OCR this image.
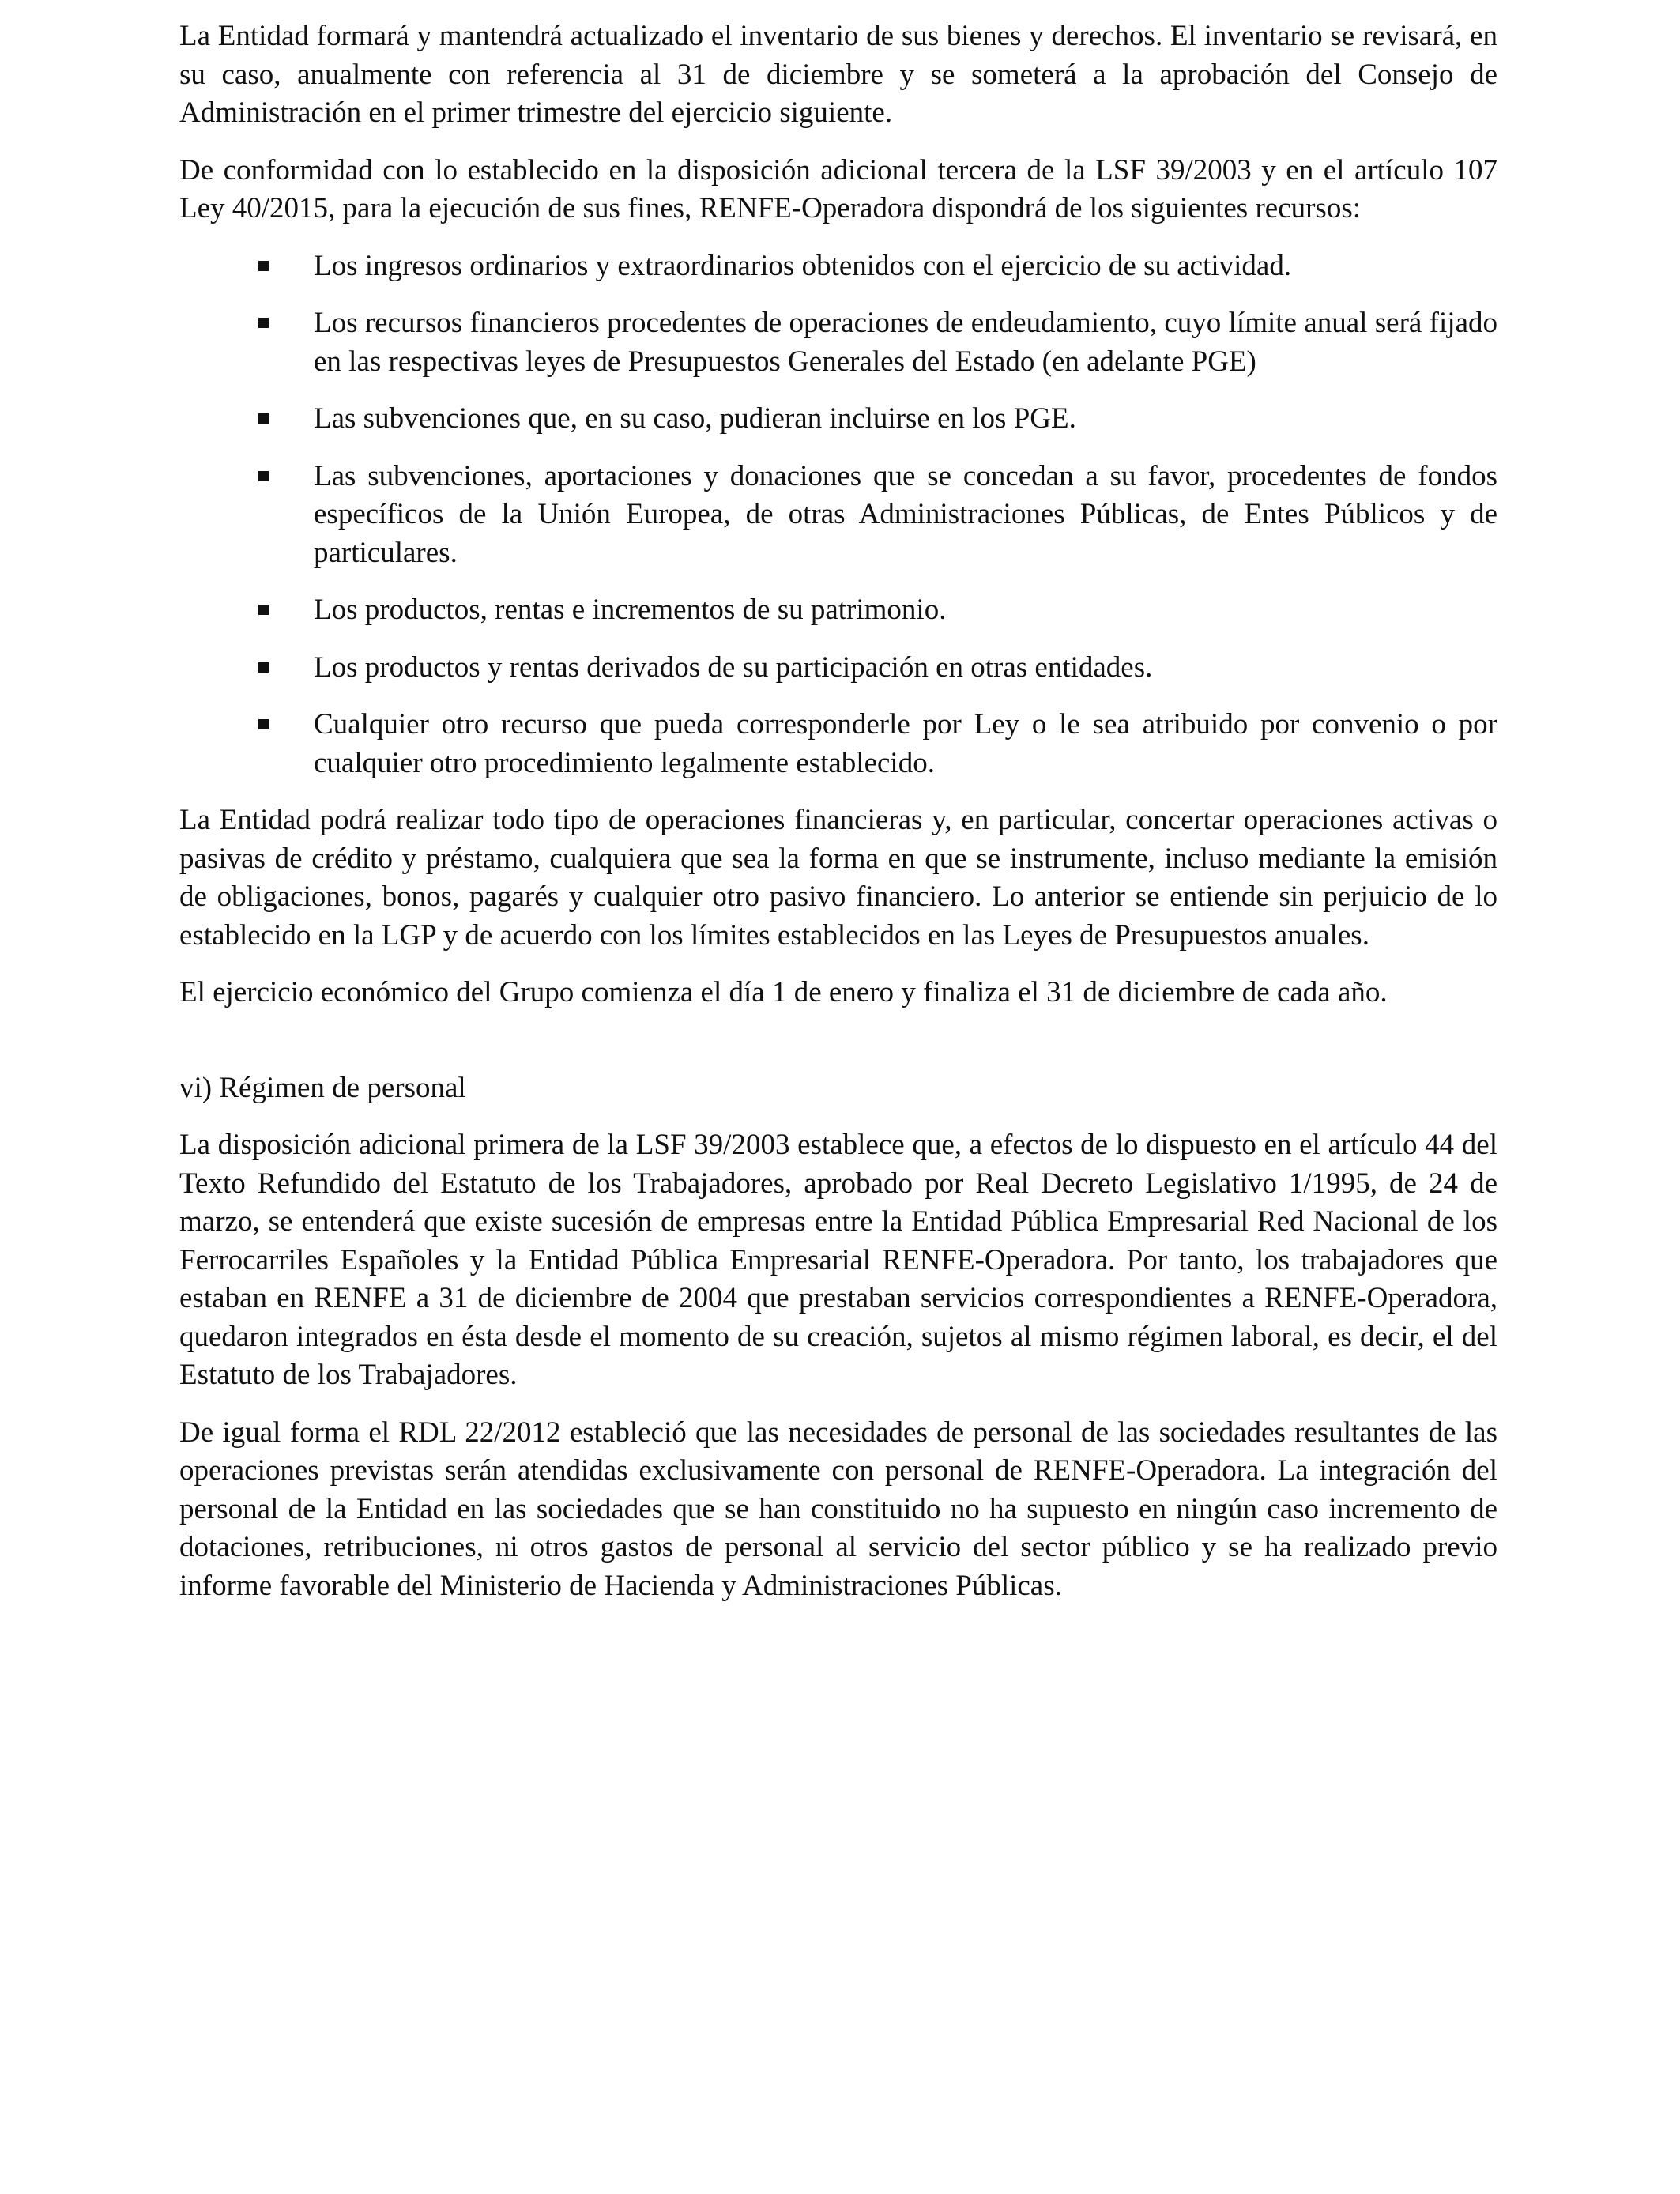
La Entidad formará y mantendrá actualizado el inventario de sus bienes y derechos. El inventario se revisará, en su caso, anualmente con referencia al 31 de diciembre y se someterá a la aprobación del Consejo de Administración en el primer trimestre del ejercicio siguiente.

De conformidad con lo establecido en la disposición adicional tercera de la LSF 39/2003 y en el artículo 107 Ley 40/2015, para la ejecución de sus fines, RENFE-Operadora dispondrá de los siguientes recursos:

Los ingresos ordinarios y extraordinarios obtenidos con el ejercicio de su actividad.
Los recursos financieros procedentes de operaciones de endeudamiento, cuyo límite anual será fijado en las respectivas leyes de Presupuestos Generales del Estado (en adelante PGE)
Las subvenciones que, en su caso, pudieran incluirse en los PGE.
Las subvenciones, aportaciones y donaciones que se concedan a su favor, procedentes de fondos específicos de la Unión Europea, de otras Administraciones Públicas, de Entes Públicos y de particulares.
Los productos, rentas e incrementos de su patrimonio.
Los productos y rentas derivados de su participación en otras entidades.
Cualquier otro recurso que pueda corresponderle por Ley o le sea atribuido por convenio o por cualquier otro procedimiento legalmente establecido.

La Entidad podrá realizar todo tipo de operaciones financieras y, en particular, concertar operaciones activas o pasivas de crédito y préstamo, cualquiera que sea la forma en que se instrumente, incluso mediante la emisión de obligaciones, bonos, pagarés y cualquier otro pasivo financiero. Lo anterior se entiende sin perjuicio de lo establecido en la LGP y de acuerdo con los límites establecidos en las Leyes de Presupuestos anuales.

El ejercicio económico del Grupo comienza el día 1 de enero y finaliza el 31 de diciembre de cada año.

vi) Régimen de personal

La disposición adicional primera de la LSF 39/2003 establece que, a efectos de lo dispuesto en el artículo 44 del Texto Refundido del Estatuto de los Trabajadores, aprobado por Real Decreto Legislativo 1/1995, de 24 de marzo, se entenderá que existe sucesión de empresas entre la Entidad Pública Empresarial Red Nacional de los Ferrocarriles Españoles y la Entidad Pública Empresarial RENFE-Operadora. Por tanto, los trabajadores que estaban en RENFE a 31 de diciembre de 2004 que prestaban servicios correspondientes a RENFE-Operadora, quedaron integrados en ésta desde el momento de su creación, sujetos al mismo régimen laboral, es decir, el del Estatuto de los Trabajadores.

De igual forma el RDL 22/2012 estableció que las necesidades de personal de las sociedades resultantes de las operaciones previstas serán atendidas exclusivamente con personal de RENFE-Operadora. La integración del personal de la Entidad en las sociedades que se han constituido no ha supuesto en ningún caso incremento de dotaciones, retribuciones, ni otros gastos de personal al servicio del sector público y se ha realizado previo informe favorable del Ministerio de Hacienda y Administraciones Públicas.
